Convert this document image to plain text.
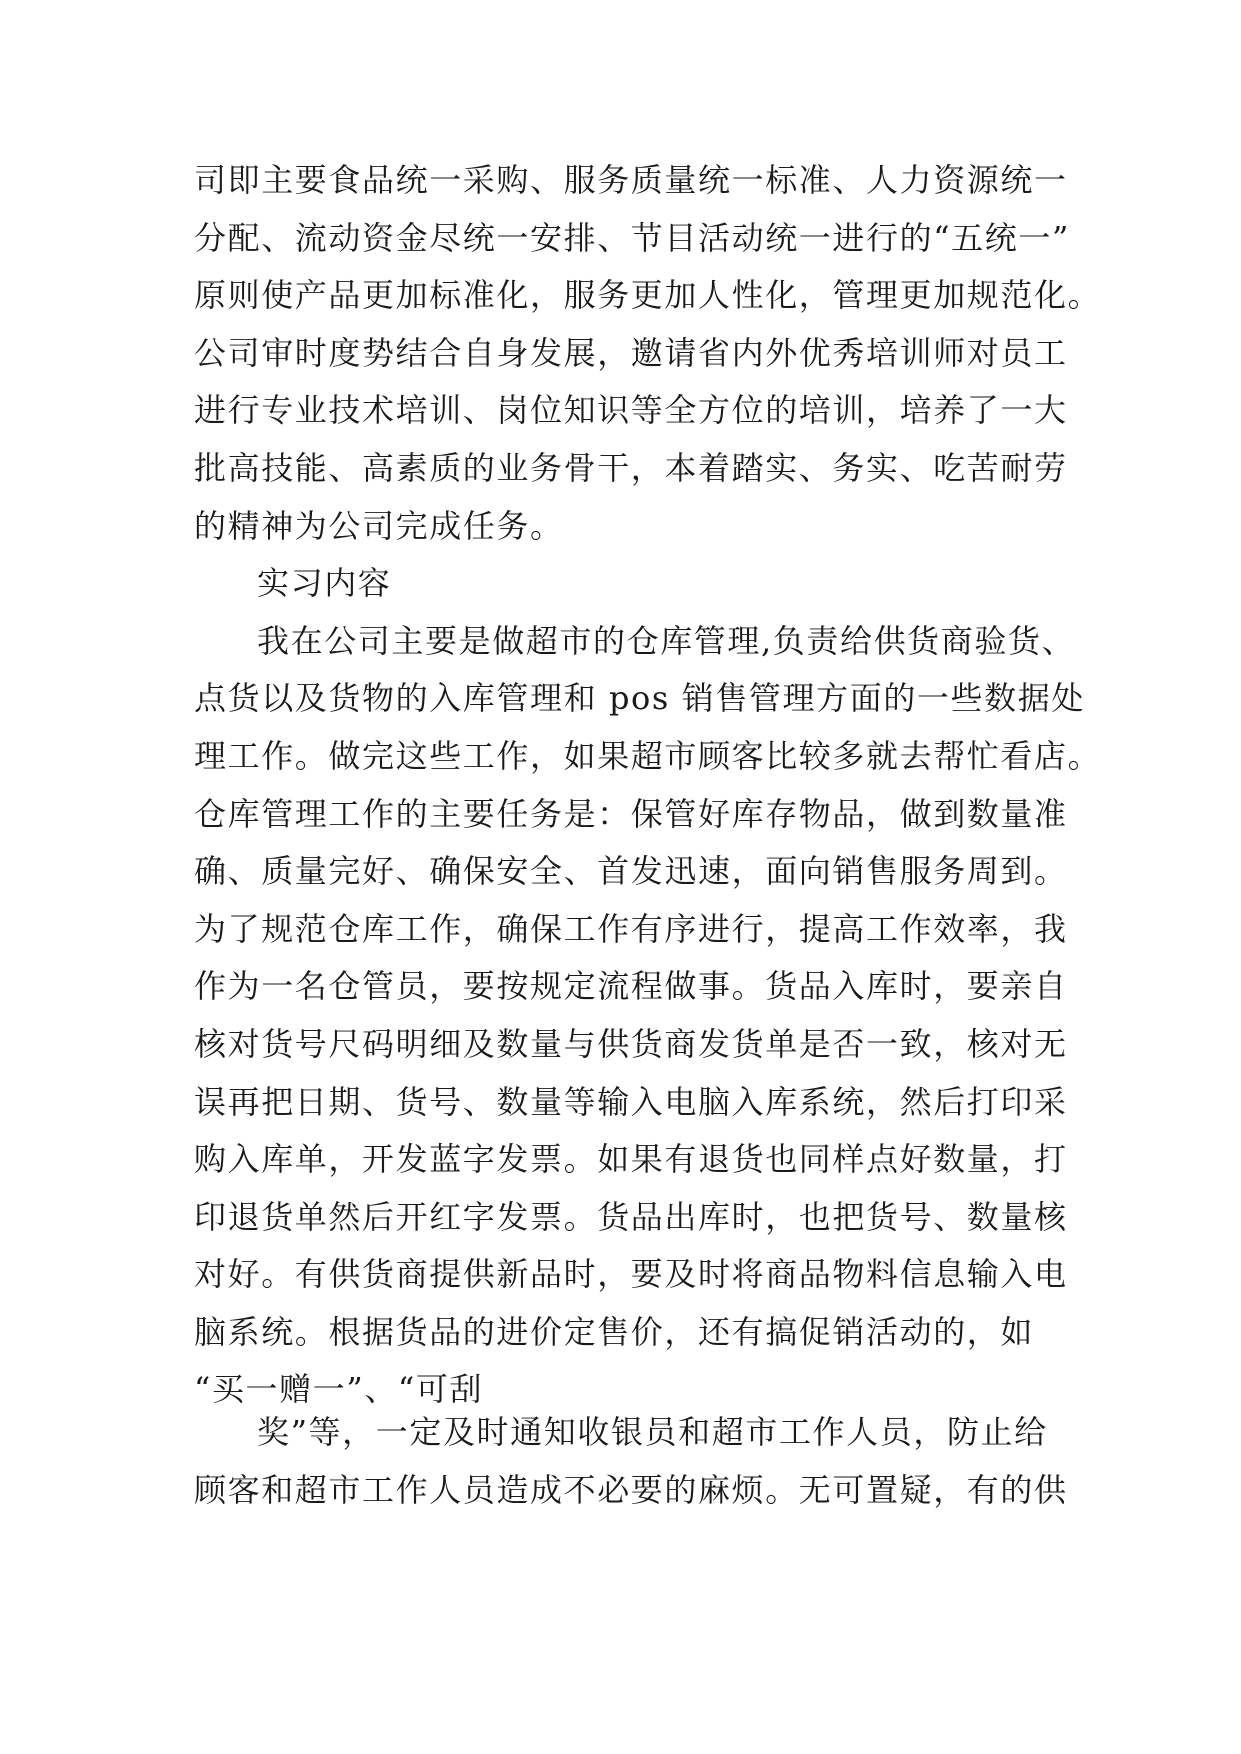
司即主要食品统一采购、服务质量统一标准、人力资源统一
分配、流动资金尽统一安排、节目活动统一进行的“五统一”
原则使产品更加标准化，服务更加人性化，管理更加规范化。
公司审时度势结合自身发展，邀请省内外优秀培训师对员工
进行专业技术培训、岗位知识等全方位的培训，培养了一大
批高技能、高素质的业务骨干，本着踏实、务实、吃苦耐劳
的精神为公司完成任务。
实习内容
我在公司主要是做超市的仓库管理,负责给供货商验货、
点货以及货物的入库管理和 pos 销售管理方面的一些数据处
理工作。做完这些工作，如果超市顾客比较多就去帮忙看店。
仓库管理工作的主要任务是：保管好库存物品，做到数量准
确、质量完好、确保安全、首发迅速，面向销售服务周到。
为了规范仓库工作，确保工作有序进行，提高工作效率，我
作为一名仓管员，要按规定流程做事。货品入库时，要亲自
核对货号尺码明细及数量与供货商发货单是否一致，核对无
误再把日期、货号、数量等输入电脑入库系统，然后打印采
购入库单，开发蓝字发票。如果有退货也同样点好数量，打
印退货单然后开红字发票。货品出库时，也把货号、数量核
对好。有供货商提供新品时，要及时将商品物料信息输入电
脑系统。根据货品的进价定售价，还有搞促销活动的，如
“买一赠一”、“可刮
奖”等，一定及时通知收银员和超市工作人员，防止给
顾客和超市工作人员造成不必要的麻烦。无可置疑，有的供
